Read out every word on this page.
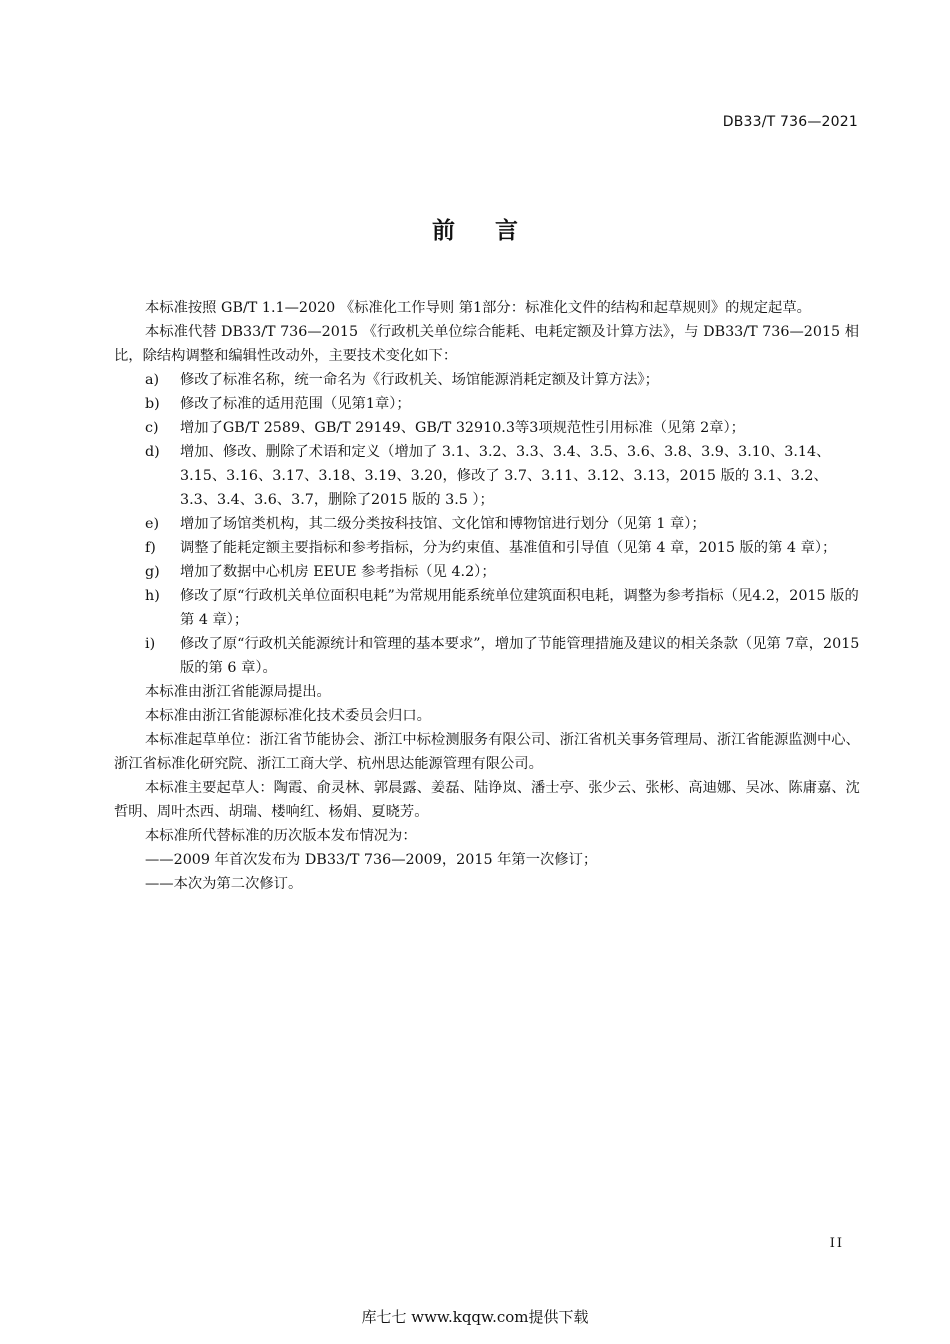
DB33/T 736—2021
前言

本标准按照 GB/T 1.1—2020 《标准化工作导则 第1部分：标准化文件的结构和起草规则》的规定起草。

本标准代替 DB33/T 736—2015 《行政机关单位综合能耗、电耗定额及计算方法》，与 DB33/T 736—2015 相比，除结构调整和编辑性改动外，主要技术变化如下：

a)	修改了标准名称，统一命名为《行政机关、场馆能源消耗定额及计算方法》；
b)	修改了标准的适用范围（见第1章）；
c)	增加了GB/T 2589、GB/T 29149、GB/T 32910.3等3项规范性引用标准（见第 2章）；
d)	增加、修改、删除了术语和定义（增加了 3.1、3.2、3.3、3.4、3.5、3.6、3.8、3.9、3.10、3.14、3.15、3.16、3.17、3.18、3.19、3.20，修改了 3.7、3.11、3.12、3.13，2015 版的 3.1、3.2、3.3、3.4、3.6、3.7，删除了2015 版的 3.5 ）；
e)	增加了场馆类机构，其二级分类按科技馆、文化馆和博物馆进行划分（见第 1 章）；
f)	调整了能耗定额主要指标和参考指标，分为约束值、基准值和引导值（见第 4 章，2015 版的第 4 章）；
g)	增加了数据中心机房 EEUE 参考指标（见 4.2）；
h)	修改了原“行政机关单位面积电耗”为常规用能系统单位建筑面积电耗，调整为参考指标（见4.2，2015 版的第 4 章）；
i)	修改了原“行政机关能源统计和管理的基本要求”，增加了节能管理措施及建议的相关条款（见第 7章，2015 版的第 6 章）。

本标准由浙江省能源局提出。

本标准由浙江省能源标准化技术委员会归口。

本标准起草单位：浙江省节能协会、浙江中标检测服务有限公司、浙江省机关事务管理局、浙江省能源监测中心、浙江省标准化研究院、浙江工商大学、杭州思达能源管理有限公司。

本标准主要起草人：陶霞、俞灵林、郭晨露、姜磊、陆诤岚、潘士亭、张少云、张彬、高迪娜、吴冰、陈庸嘉、沈哲明、周叶杰西、胡瑞、楼响红、杨娟、夏晓芳。

本标准所代替标准的历次版本发布情况为：

——2009 年首次发布为 DB33/T 736—2009，2015 年第一次修订；

——本次为第二次修订。

II
库七七 www.kqqw.com提供下载
